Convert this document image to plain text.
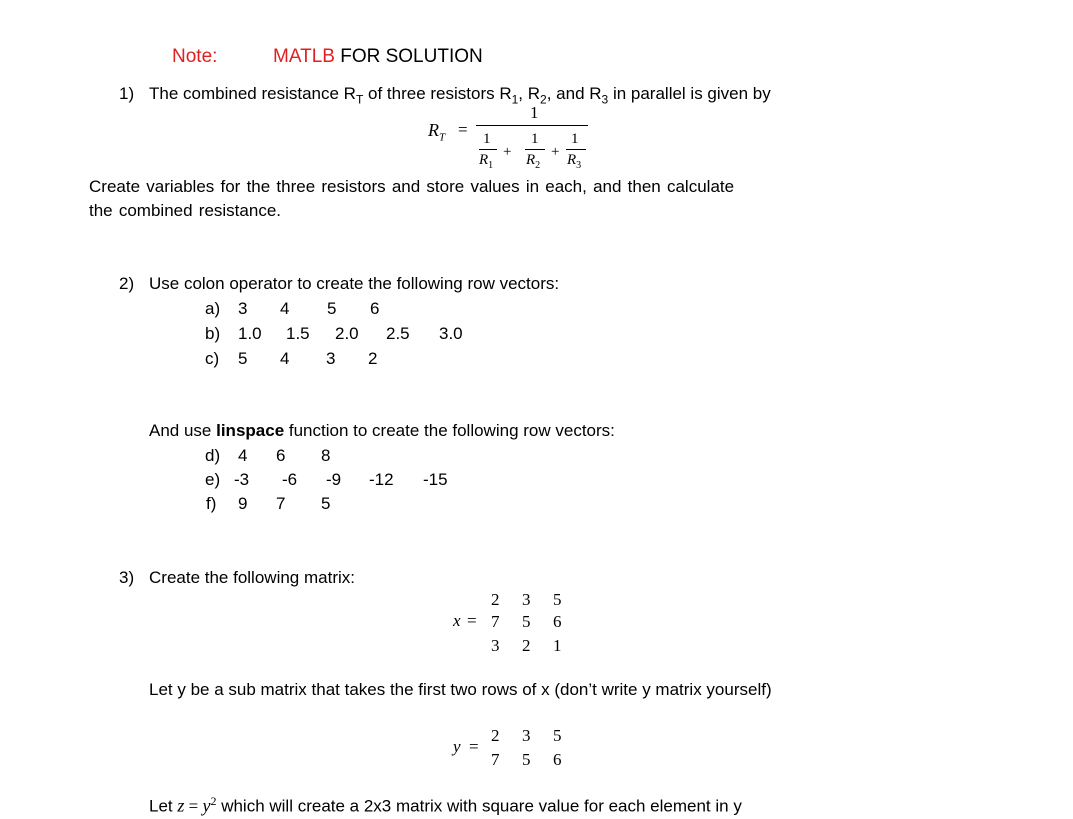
Note:	MATLB FOR SOLUTION
1) The combined resistance $R_T$ of three resistors $R_1$, $R_2$, and $R_3$ in parallel is given by
$R_T$ =
1
1
$R_1$
+
1
$R_2$
+
1
$R_3$
Create variables for the three resistors and store values in each, and then calculate
the combined resistance.
2) Use colon operator to create the following row vectors:
a) 3 4 5 6
b) 1.0 1.5 2.0 2.5 3.0
c) 5 4 3 2
And use linspace function to create the following row vectors:
d) 4 6 8
e) -3 -6 -9 -12 -15
f) 9 7 5
3) Create the following matrix:
x =
2 3 5
7 5 6
3 2 1
Let y be a sub matrix that takes the first two rows of x (don’t write y matrix yourself)
y =
2 3 5
7 5 6
Let $z = y^2$ which will create a 2x3 matrix with square value for each element in y
